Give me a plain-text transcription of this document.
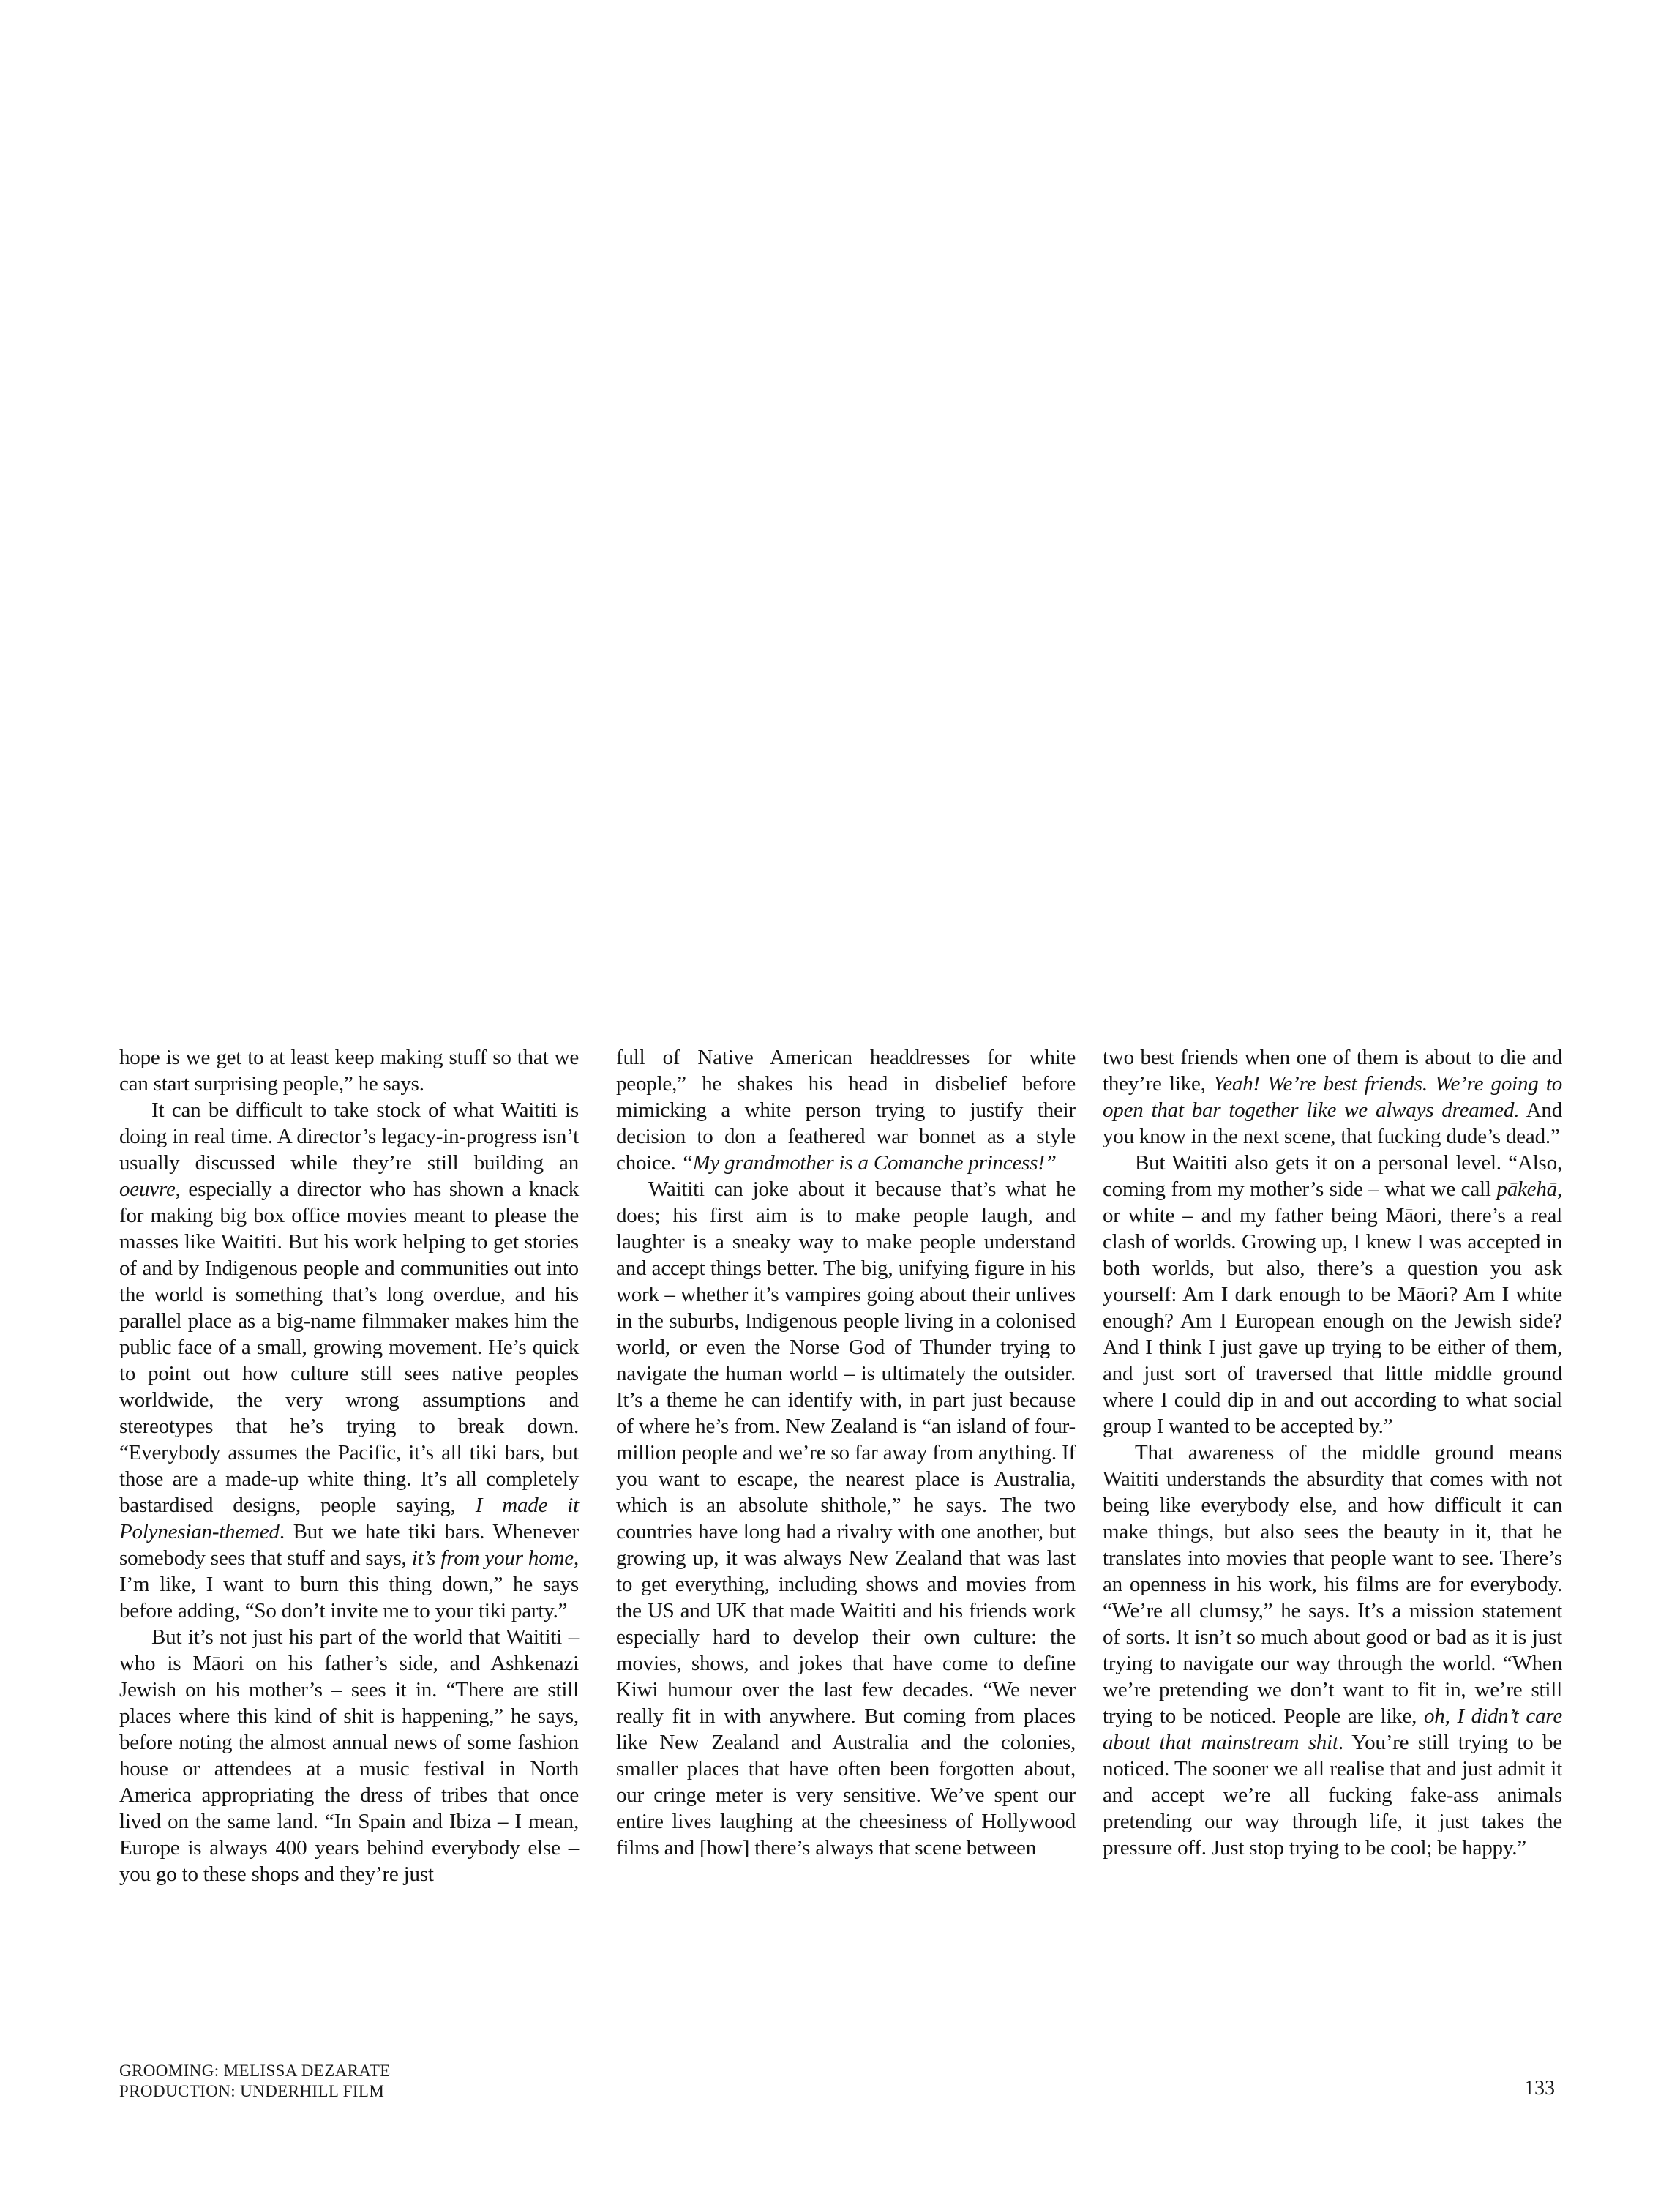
hope is we get to at least keep making stuff so that we can start surprising people,” he says.

It can be difficult to take stock of what Waititi is doing in real time. A director’s legacy-in-progress isn’t usually discussed while they’re still building an oeuvre, especially a director who has shown a knack for making big box office movies meant to please the masses like Waititi. But his work helping to get stories of and by Indigenous people and communities out into the world is something that’s long overdue, and his parallel place as a big-name filmmaker makes him the public face of a small, growing movement. He’s quick to point out how culture still sees native peoples worldwide, the very wrong assumptions and stereotypes that he’s trying to break down. “Everybody assumes the Pacific, it’s all tiki bars, but those are a made-up white thing. It’s all completely bastardised designs, people saying, I made it Polynesian-themed. But we hate tiki bars. Whenever somebody sees that stuff and says, it’s from your home, I’m like, I want to burn this thing down,” he says before adding, “So don’t invite me to your tiki party.”

But it’s not just his part of the world that Waititi – who is Māori on his father’s side, and Ashkenazi Jewish on his mother’s – sees it in. “There are still places where this kind of shit is happening,” he says, before noting the almost annual news of some fashion house or attendees at a music festival in North America appropriating the dress of tribes that once lived on the same land. “In Spain and Ibiza – I mean, Europe is always 400 years behind everybody else – you go to these shops and they’re just

full of Native American headdresses for white people,” he shakes his head in disbelief before mimicking a white person trying to justify their decision to don a feathered war bonnet as a style choice. “My grandmother is a Comanche princess!”

Waititi can joke about it because that’s what he does; his first aim is to make people laugh, and laughter is a sneaky way to make people understand and accept things better. The big, unifying figure in his work – whether it’s vampires going about their unlives in the suburbs, Indigenous people living in a colonised world, or even the Norse God of Thunder trying to navigate the human world – is ultimately the outsider. It’s a theme he can identify with, in part just because of where he’s from. New Zealand is “an island of four-million people and we’re so far away from anything. If you want to escape, the nearest place is Australia, which is an absolute shithole,” he says. The two countries have long had a rivalry with one another, but growing up, it was always New Zealand that was last to get everything, including shows and movies from the US and UK that made Waititi and his friends work especially hard to develop their own culture: the movies, shows, and jokes that have come to define Kiwi humour over the last few decades. “We never really fit in with anywhere. But coming from places like New Zealand and Australia and the colonies, smaller places that have often been forgotten about, our cringe meter is very sensitive. We’ve spent our entire lives laughing at the cheesiness of Hollywood films and [how] there’s always that scene between

two best friends when one of them is about to die and they’re like, Yeah! We’re best friends. We’re going to open that bar together like we always dreamed. And you know in the next scene, that fucking dude’s dead.”

But Waititi also gets it on a personal level. “Also, coming from my mother’s side – what we call pākehā, or white – and my father being Māori, there’s a real clash of worlds. Growing up, I knew I was accepted in both worlds, but also, there’s a question you ask yourself: Am I dark enough to be Māori? Am I white enough? Am I European enough on the Jewish side? And I think I just gave up trying to be either of them, and just sort of traversed that little middle ground where I could dip in and out according to what social group I wanted to be accepted by.”

That awareness of the middle ground means Waititi understands the absurdity that comes with not being like everybody else, and how difficult it can make things, but also sees the beauty in it, that he translates into movies that people want to see. There’s an openness in his work, his films are for everybody. “We’re all clumsy,” he says. It’s a mission statement of sorts. It isn’t so much about good or bad as it is just trying to navigate our way through the world. “When we’re pretending we don’t want to fit in, we’re still trying to be noticed. People are like, oh, I didn’t care about that mainstream shit. You’re still trying to be noticed. The sooner we all realise that and just admit it and accept we’re all fucking fake-ass animals pretending our way through life, it just takes the pressure off. Just stop trying to be cool; be happy.”

GROOMING: MELISSA DEZARATE
PRODUCTION: UNDERHILL FILM	133
